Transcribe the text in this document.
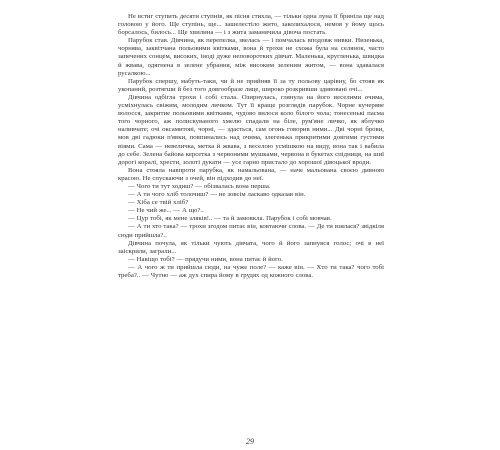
Не встиг ступить десяти ступнів, як пісня стихла, — тільки одна луна її бриніла ще над головою у його. Ще ступінь, ще... зашелестіло жито, заколихалося, немов у йому щось борсалось, билось... Ще хвилина — і з жита заманячила дівоча постать.

Парубок став. Дівчина, як перепелка, звелась — і помчалась вподовж нивки. Низенька, чорнява, заквітчана польовими квітками, вона й трохи не схожа була на селянок, часто запечених сонцем, високих, іноді дуже неповоротких дівчат. Маленька, кругленька, швидка й жвава, одягнена в зелене убрання, між високим зеленим житом, — вона здавалася русалкою...

Парубок спершу, мабуть-таки, чи й не прийняв її за ту польову царівну, бо стояв як укопаний, розтягши й без того довгообразе лице, широко розкривши здивовані очі...

Дівчина одбігла трохи і собі стала. Озирнулась, глянула на його веселими очима, усміхнулась свіжим, молодим личком. Тут її краще розглядів парубок. Чорне кучеряве волосся, закритие польовими квітками, чудово вилося коло білого чола; тонесенькі пасма того чорного, аж полискуваного хмелю спадали на біле, рум'яне личко, як яблучко наливчате; очі оксамитові, чорні, — здасться, сам огонь говорив ними... Дві чорні брови, мов дві гадюки п'явки, повпинались над очима, злегенька прикритими довгими густими віями. Сама — невеличка, метка й жвава, з веселою усмішкою на виду, вона так і вабила до себе. Зелена байова керсетка з червоними мушками, червона в букетах спідниця, на шиї дорогі коралі, хрести, золоті дукати — усе гарно пристало до хорошої дівоцької вроди.

Вона стояла навпроти парубка, як намальована, — наче мальована своєю дивною красою. Не спускаючи з очей, він підходив до неї.

— Чого ти тут ходиш? — обізвалась вона перша.

— А ти чого хліб толочиш? — не зовсім ласкаво одказав він.

— Хіба се твій хліб?

— Не чий же... — А що?..

— Цур тобі, як мене зляків!.. — та й замовкла. Парубок і собі мовчав.

— А ти хто така? — трохи згодом питає він, ковтаючи слова. — Де ти взялася? звідкіля сюди прийшла?..

Дівчина почула, як тільки чують дівчата, чого й його запнувся голос; очі в неї заіскрили, заграли...

— Навіщо тобі? — прядучи ними, вона питає й його.

— А чого ж ти прийшла сюди, на чуже поле? — каже він. — Хто ти така? чого тобі треба?.. — Чутно — аж дух спира йому в грудях од кожного слова.

29
